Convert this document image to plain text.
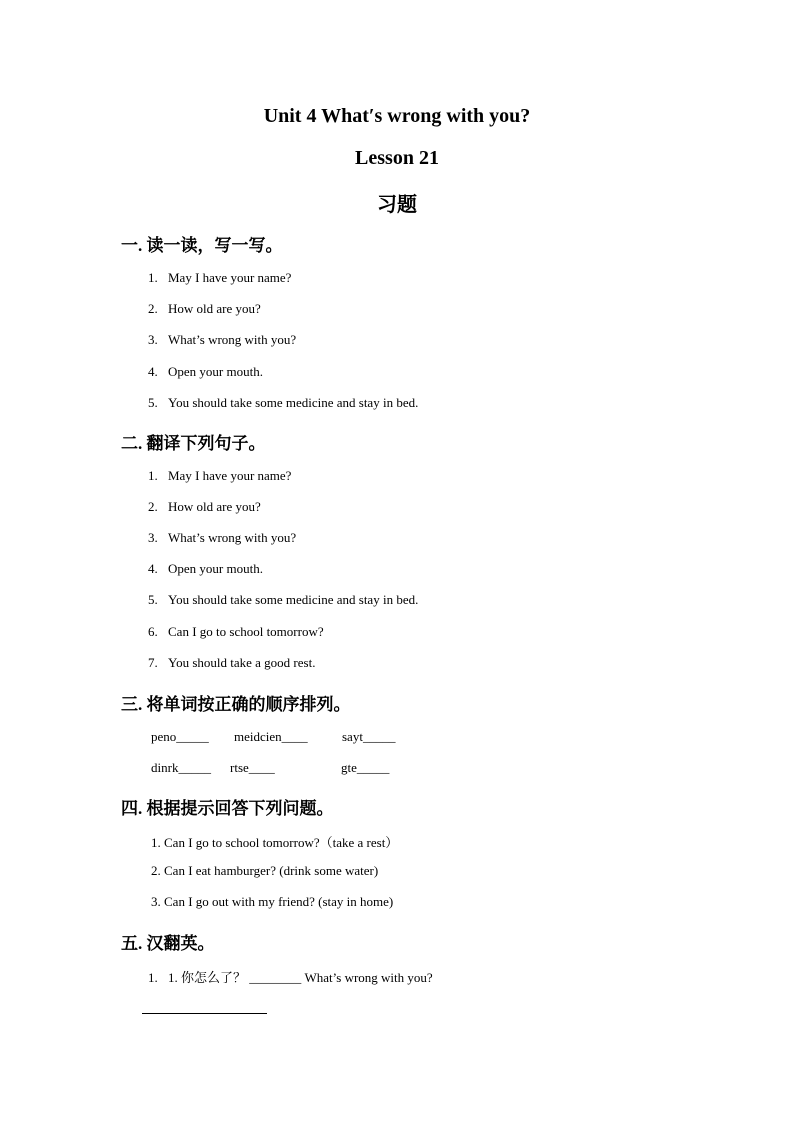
Unit 4 What′s wrong with you?
Lesson 21
习题
一. 读一读，写一写。
1. May I have your name?
2. How old are you?
3. What’s wrong with you?
4. Open your mouth.
5. You should take some medicine and stay in bed.
二. 翻译下列句子。
1. May I have your name?
2. How old are you?
3. What’s wrong with you?
4. Open your mouth.
5. You should take some medicine and stay in bed.
6. Can I go to school tomorrow?
7. You should take a good rest.
三. 将单词按正确的顺序排列。
peno_____ meidcien____	sayt_____
dinrk_____ rtse____	gte_____
四. 根据提示回答下列问题。
1. Can I go to school tomorrow?（take a rest）
2. Can I eat hamburger? (drink some water)
3. Can I go out with my friend? (stay in home)
五. 汉翻英。
1. 1. 你怎么了？ ________ What’s wrong with you?
